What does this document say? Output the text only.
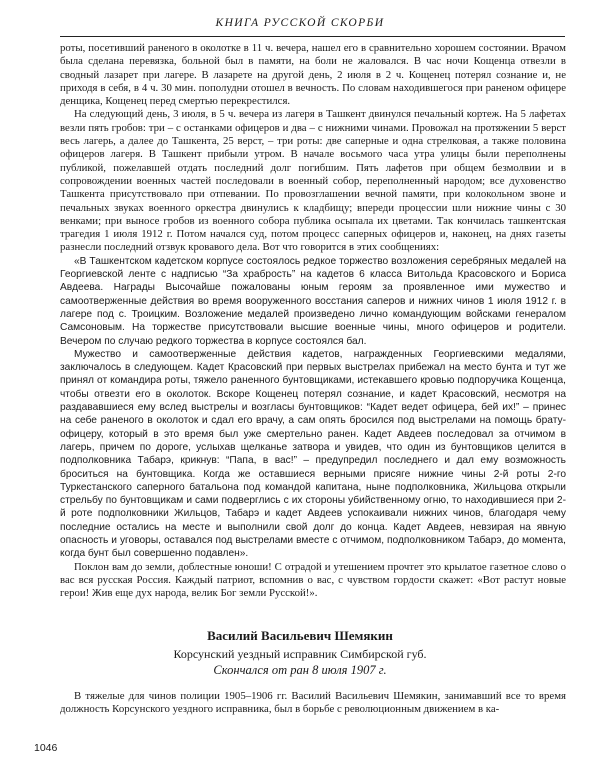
КНИГА РУССКОЙ СКОРБИ

роты, посетивший раненого в околотке в 11 ч. вечера, нашел его в сравнительно хорошем состоянии. Врачом была сделана перевязка, больной был в памяти, на боли не жаловался. В час ночи Кощенца отвезли в сводный лазарет при лагере. В лазарете на другой день, 2 июля в 2 ч. Кощенец потерял сознание и, не приходя в себя, в 4 ч. 30 мин. пополудни отошел в вечность. По словам находившегося при раненом офицере денщика, Кощенец перед смертью перекрестился.

На следующий день, 3 июля, в 5 ч. вечера из лагеря в Ташкент двинулся печальный кортеж. На 5 лафетах везли пять гробов: три – с останками офицеров и два – с нижними чинами. Провожал на протяжении 5 верст весь лагерь, а далее до Ташкента, 25 верст, – три роты: две саперные и одна стрелковая, а также половина офицеров лагеря. В Ташкент прибыли утром. В начале восьмого часа утра улицы были переполнены публикой, пожелавшей отдать последний долг погибшим. Пять лафетов при общем безмолвии и в сопровождении военных частей последовали в военный собор, переполненный народом; все духовенство Ташкента присутствовало при отпевании. По провозглашении вечной памяти, при колокольном звоне и печальных звуках военного оркестра двинулись к кладбищу; впереди процессии шли нижние чины с 30 венками; при выносе гробов из военного собора публика осыпала их цветами. Так кончилась ташкентская трагедия 1 июля 1912 г. Потом начался суд, потом процесс саперных офицеров и, наконец, на днях газеты разнесли последний отзвук кровавого дела. Вот что говорится в этих сообщениях:

«В Ташкентском кадетском корпусе состоялось редкое торжество возложения серебряных медалей на Георгиевской ленте с надписью “За храбрость” на кадетов 6 класса Витольда Красовского и Бориса Авдеева. Награды Высочайше пожалованы юным героям за проявленное ими мужество и самоотверженные действия во время вооруженного восстания саперов и нижних чинов 1 июля 1912 г. в лагере под с. Троицким. Возложение медалей произведено лично командующим войсками генералом Самсоновым. На торжестве присутствовали высшие военные чины, много офицеров и родители. Вечером по случаю редкого торжества в корпусе состоялся бал.

Мужество и самоотверженные действия кадетов, награжденных Георгиевскими медалями, заключалось в следующем. Кадет Красовский при первых выстрелах прибежал на место бунта и тут же принял от командира роты, тяжело раненного бунтовщиками, истекавшего кровью подпоручика Кощенца, чтобы отвезти его в околоток. Вскоре Кощенец потерял сознание, и кадет Красовский, несмотря на раздававшиеся ему вслед выстрелы и возгласы бунтовщиков: “Кадет ведет офицера, бей их!” – принес на себе раненого в околоток и сдал его врачу, а сам опять бросился под выстрелами на помощь брату-офицеру, который в это время был уже смертельно ранен. Кадет Авдеев последовал за отчимом в лагерь, причем по дороге, услыхав щелканье затвора и увидев, что один из бунтовщиков целится в подполковника Табарэ, крикнув: “Папа, в вас!” – предупредил последнего и дал ему возможность броситься на бунтовщика. Когда же оставшиеся верными присяге нижние чины 2-й роты 2-го Туркестанского саперного батальона под командой капитана, ныне подполковника, Жильцова открыли стрельбу по бунтовщикам и сами подверглись с их стороны убийственному огню, то находившиеся при 2-й роте подполковники Жильцов, Табарэ и кадет Авдеев успокаивали нижних чинов, благодаря чему последние остались на месте и выполнили свой долг до конца. Кадет Авдеев, невзирая на явную опасность и уговоры, оставался под выстрелами вместе с отчимом, подполковником Табарэ, до момента, когда бунт был совершенно подавлен».

Поклон вам до земли, доблестные юноши! С отрадой и утешением прочтет это крылатое газетное слово о вас вся русская Россия. Каждый патриот, вспомнив о вас, с чувством гордости скажет: «Вот растут новые герои! Жив еще дух народа, велик Бог земли Русской!».

Василий Васильевич Шемякин
Корсунский уездный исправник Симбирской губ.
Скончался от ран 8 июля 1907 г.

В тяжелые для чинов полиции 1905–1906 гг. Василий Васильевич Шемякин, занимавший все то время должность Корсунского уездного исправника, был в борьбе с революционным движением в ка-

1046
